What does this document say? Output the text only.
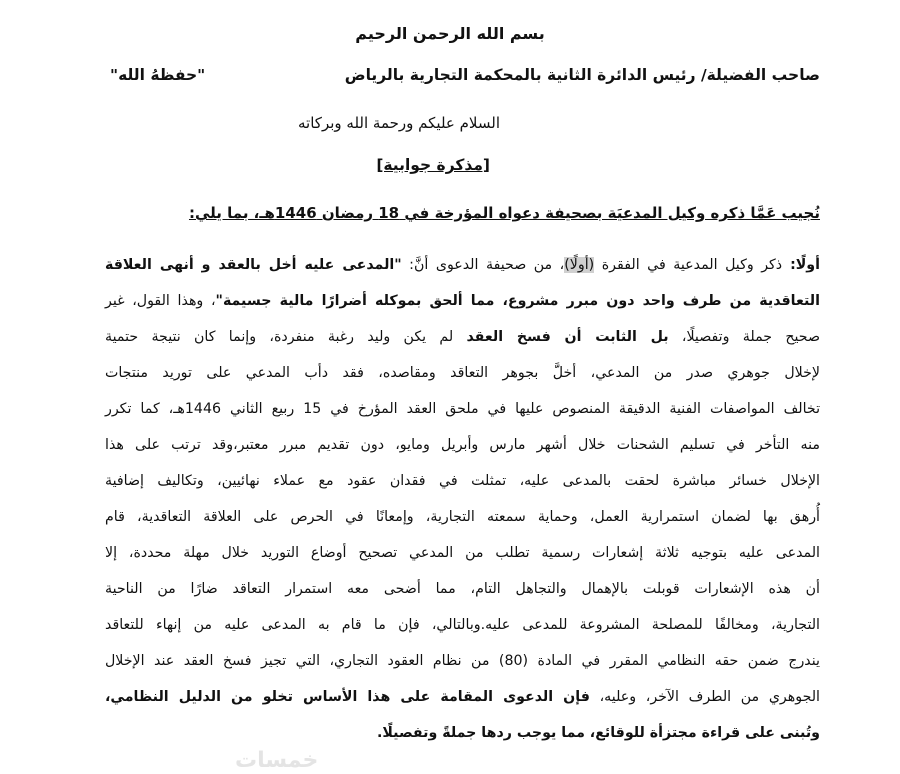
بسم الله الرحمن الرحيم
صاحب الفضيلة/ رئيس الدائرة الثانية بالمحكمة التجارية بالرياض
"حفظهُ الله"
السلام عليكم ورحمة الله وبركاته
[مذكرة جوابية]
نُجيب عَمَّا ذكره وكيل المدعيَة بصحيفة دعواه المؤرخة في 18 رمضان 1446هـ، بما يلي:
أولًا: ذكر وكيل المدعية في الفقرة (أولًا)، من صحيفة الدعوى أنَّ: "المدعى عليه أخل بالعقد و أنهى العلاقة
التعاقدية من طرف واحد دون مبرر مشروع، مما ألحق بموكله أضرارًا مالية جسيمة"، وهذا القول، غير
صحيح جملة وتفصيلًا، بل الثابت أن فسخ العقد لم يكن وليد رغبة منفردة، وإنما كان نتيجة حتمية
لإخلال جوهري صدر من المدعي، أخلَّ بجوهر التعاقد ومقاصده، فقد دأب المدعي على توريد منتجات
تخالف المواصفات الفنية الدقيقة المنصوص عليها في ملحق العقد المؤرخ في 15 ربيع الثاني 1446هـ، كما تكرر
منه التأخر في تسليم الشحنات خلال أشهر مارس وأبريل ومايو، دون تقديم مبرر معتبر،وقد ترتب على هذا
الإخلال خسائر مباشرة لحقت بالمدعى عليه، تمثلت في فقدان عقود مع عملاء نهائيين، وتكاليف إضافية
أُرهق بها لضمان استمرارية العمل، وحماية سمعته التجارية، وإمعانًا في الحرص على العلاقة التعاقدية، قام
المدعى عليه بتوجيه ثلاثة إشعارات رسمية تطلب من المدعي تصحيح أوضاع التوريد خلال مهلة محددة، إلا
أن هذه الإشعارات قوبلت بالإهمال والتجاهل التام، مما أضحى معه استمرار التعاقد ضارًا من الناحية
التجارية، ومخالفًا للمصلحة المشروعة للمدعى عليه.وبالتالي، فإن ما قام به المدعى عليه من إنهاء للتعاقد
يندرج ضمن حقه النظامي المقرر في المادة (80) من نظام العقود التجاري، التي تجيز فسخ العقد عند الإخلال
الجوهري من الطرف الآخر، وعليه، فإن الدعوى المقامة على هذا الأساس تخلو من الدليل النظامي،
وتُبنى على قراءة مجتزأة للوقائع، مما يوجب ردها جملةً وتفصيلًا.
خمسات
